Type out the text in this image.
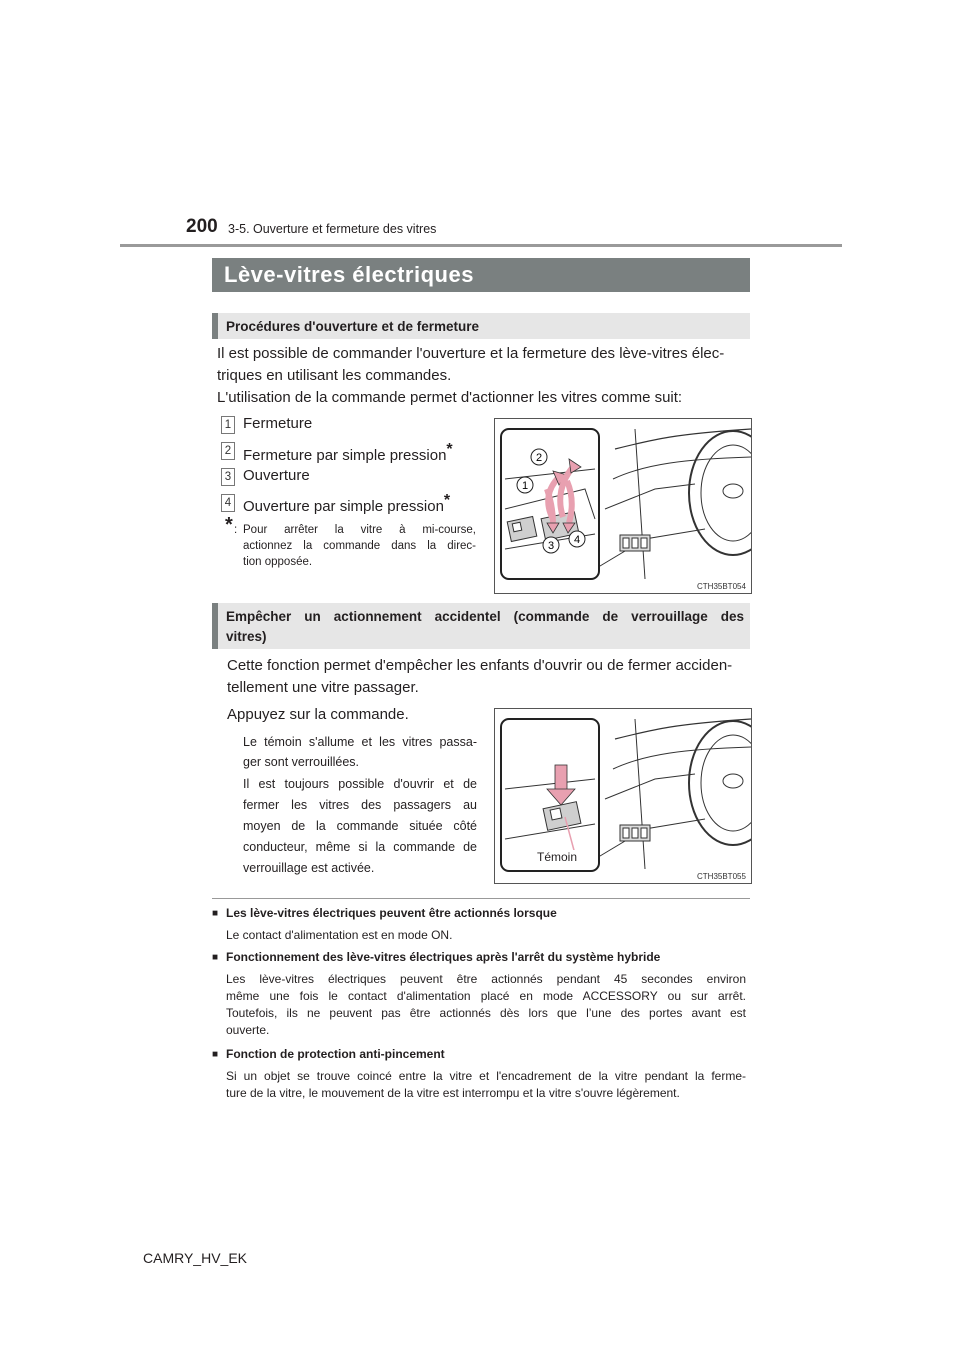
200 3-5. Ouverture et fermeture des vitres
Lève-vitres électriques
Procédures d'ouverture et de fermeture
Il est possible de commander l'ouverture et la fermeture des lève-vitres élec-
triques en utilisant les commandes.
L'utilisation de la commande permet d'actionner les vitres comme suit:
1 Fermeture
2 Fermeture par simple pression*
3 Ouverture
4 Ouverture par simple pression*
* : Pour arrêter la vitre à mi-course,
actionnez la commande dans la direc-
tion opposée.
1
2
3 4
CTH35BT054
Empêcher un actionnement accidentel (commande de verrouillage des
vitres)
Cette fonction permet d'empêcher les enfants d'ouvrir ou de fermer acciden-
tellement une vitre passager.
Appuyez sur la commande.
Le témoin s'allume et les vitres passa-
ger sont verrouillées.
Il est toujours possible d'ouvrir et de
fermer les vitres des passagers au
moyen de la commande située côté
conducteur, même si la commande de
verrouillage est activée.
Témoin
CTH35BT055
■ Les lève-vitres électriques peuvent être actionnés lorsque
Le contact d'alimentation est en mode ON.
■ Fonctionnement des lève-vitres électriques après l'arrêt du système hybride
Les lève-vitres électriques peuvent être actionnés pendant 45 secondes environ
même une fois le contact d'alimentation placé en mode ACCESSORY ou sur arrêt.
Toutefois, ils ne peuvent pas être actionnés dès lors que l’une des portes avant est
ouverte.
■ Fonction de protection anti-pincement
Si un objet se trouve coincé entre la vitre et l'encadrement de la vitre pendant la ferme-
ture de la vitre, le mouvement de la vitre est interrompu et la vitre s'ouvre légèrement.
CAMRY_HV_EK
